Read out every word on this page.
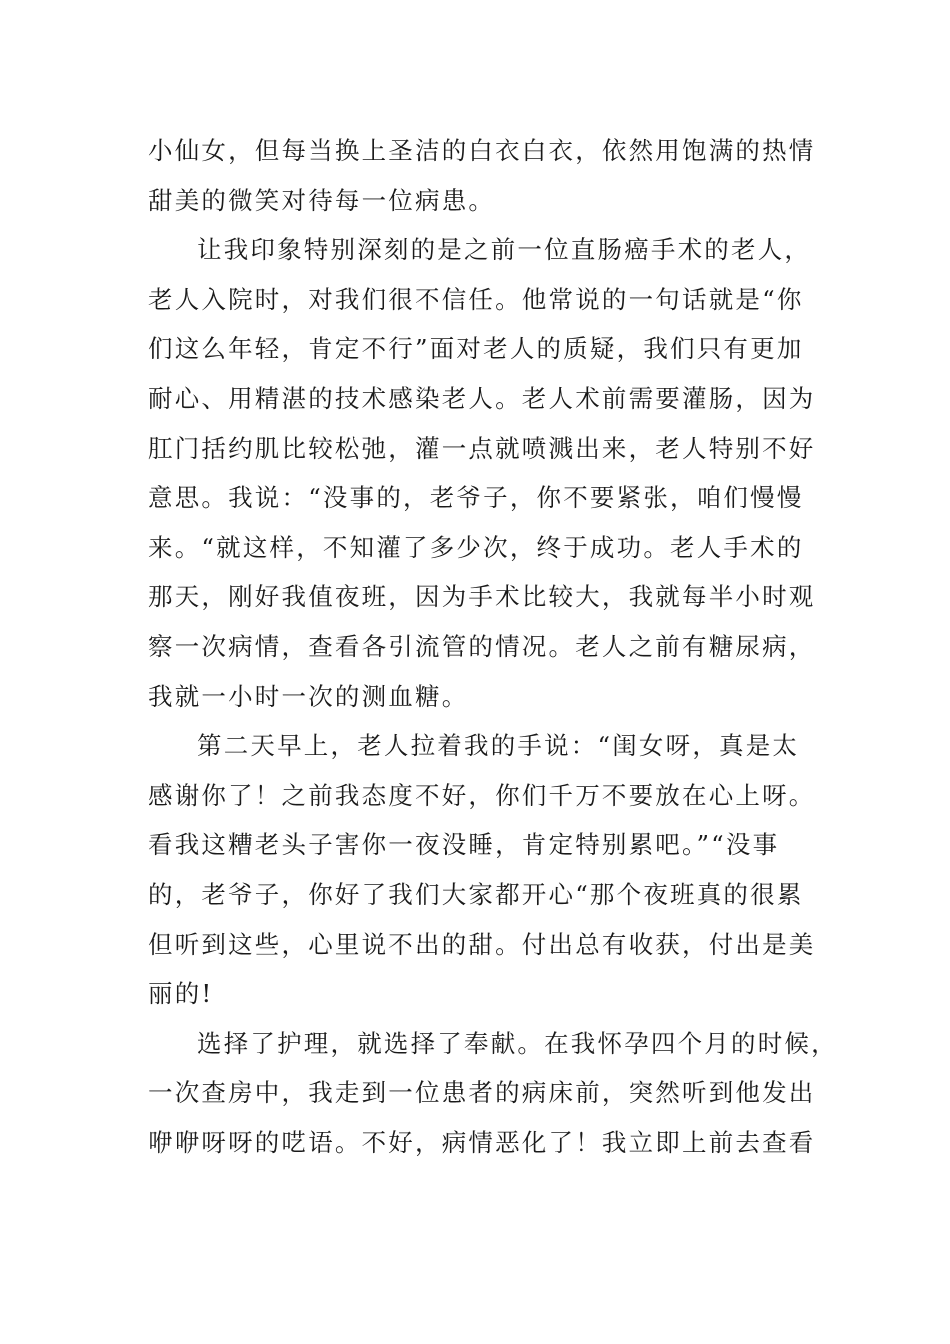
小仙女，但每当换上圣洁的白衣白衣，依然用饱满的热情
甜美的微笑对待每一位病患。
让我印象特别深刻的是之前一位直肠癌手术的老人，
老人入院时，对我们很不信任。他常说的一句话就是“你
们这么年轻，肯定不行”面对老人的质疑，我们只有更加
耐心、用精湛的技术感染老人。老人术前需要灌肠，因为
肛门括约肌比较松弛，灌一点就喷溅出来，老人特别不好
意思。我说：“没事的，老爷子，你不要紧张，咱们慢慢
来。“就这样，不知灌了多少次，终于成功。老人手术的
那天，刚好我值夜班，因为手术比较大，我就每半小时观
察一次病情，查看各引流管的情况。老人之前有糖尿病，
我就一小时一次的测血糖。
第二天早上，老人拉着我的手说：“闺女呀，真是太
感谢你了！之前我态度不好，你们千万不要放在心上呀。
看我这糟老头子害你一夜没睡，肯定特别累吧。”“没事
的，老爷子，你好了我们大家都开心“那个夜班真的很累
但听到这些，心里说不出的甜。付出总有收获，付出是美
丽的!
选择了护理，就选择了奉献。在我怀孕四个月的时候，
一次查房中，我走到一位患者的病床前，突然听到他发出
咿咿呀呀的呓语。不好，病情恶化了！我立即上前去查看
